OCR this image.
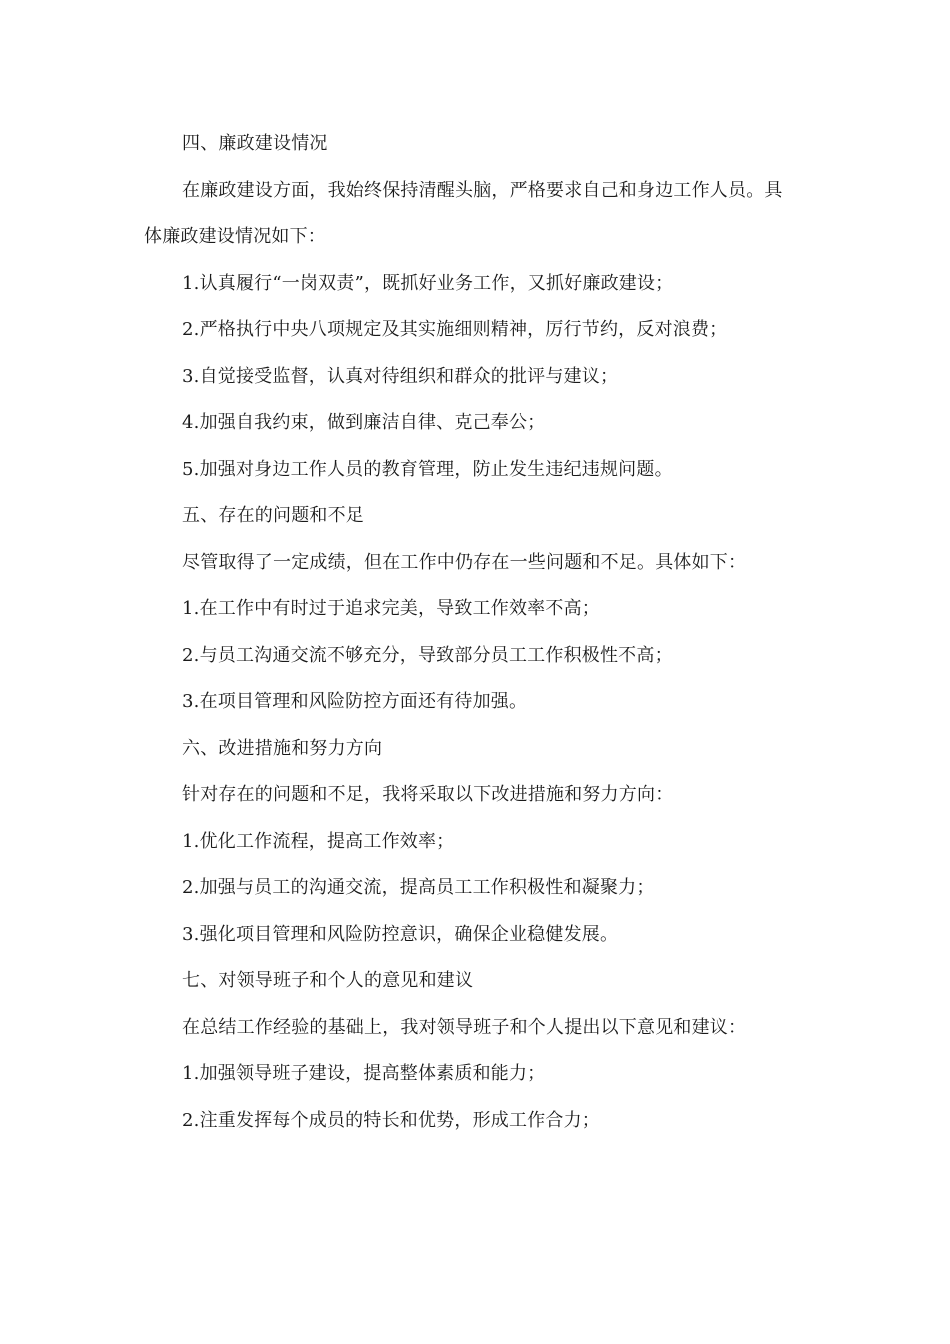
四、廉政建设情况
在廉政建设方面，我始终保持清醒头脑，严格要求自己和身边工作人员。具
体廉政建设情况如下：
1.认真履行“一岗双责”，既抓好业务工作，又抓好廉政建设；
2.严格执行中央八项规定及其实施细则精神，厉行节约，反对浪费；
3.自觉接受监督，认真对待组织和群众的批评与建议；
4.加强自我约束，做到廉洁自律、克己奉公；
5.加强对身边工作人员的教育管理，防止发生违纪违规问题。
五、存在的问题和不足
尽管取得了一定成绩，但在工作中仍存在一些问题和不足。具体如下：
1.在工作中有时过于追求完美，导致工作效率不高；
2.与员工沟通交流不够充分，导致部分员工工作积极性不高；
3.在项目管理和风险防控方面还有待加强。
六、改进措施和努力方向
针对存在的问题和不足，我将采取以下改进措施和努力方向：
1.优化工作流程，提高工作效率；
2.加强与员工的沟通交流，提高员工工作积极性和凝聚力；
3.强化项目管理和风险防控意识，确保企业稳健发展。
七、对领导班子和个人的意见和建议
在总结工作经验的基础上，我对领导班子和个人提出以下意见和建议：
1.加强领导班子建设，提高整体素质和能力；
2.注重发挥每个成员的特长和优势，形成工作合力；
